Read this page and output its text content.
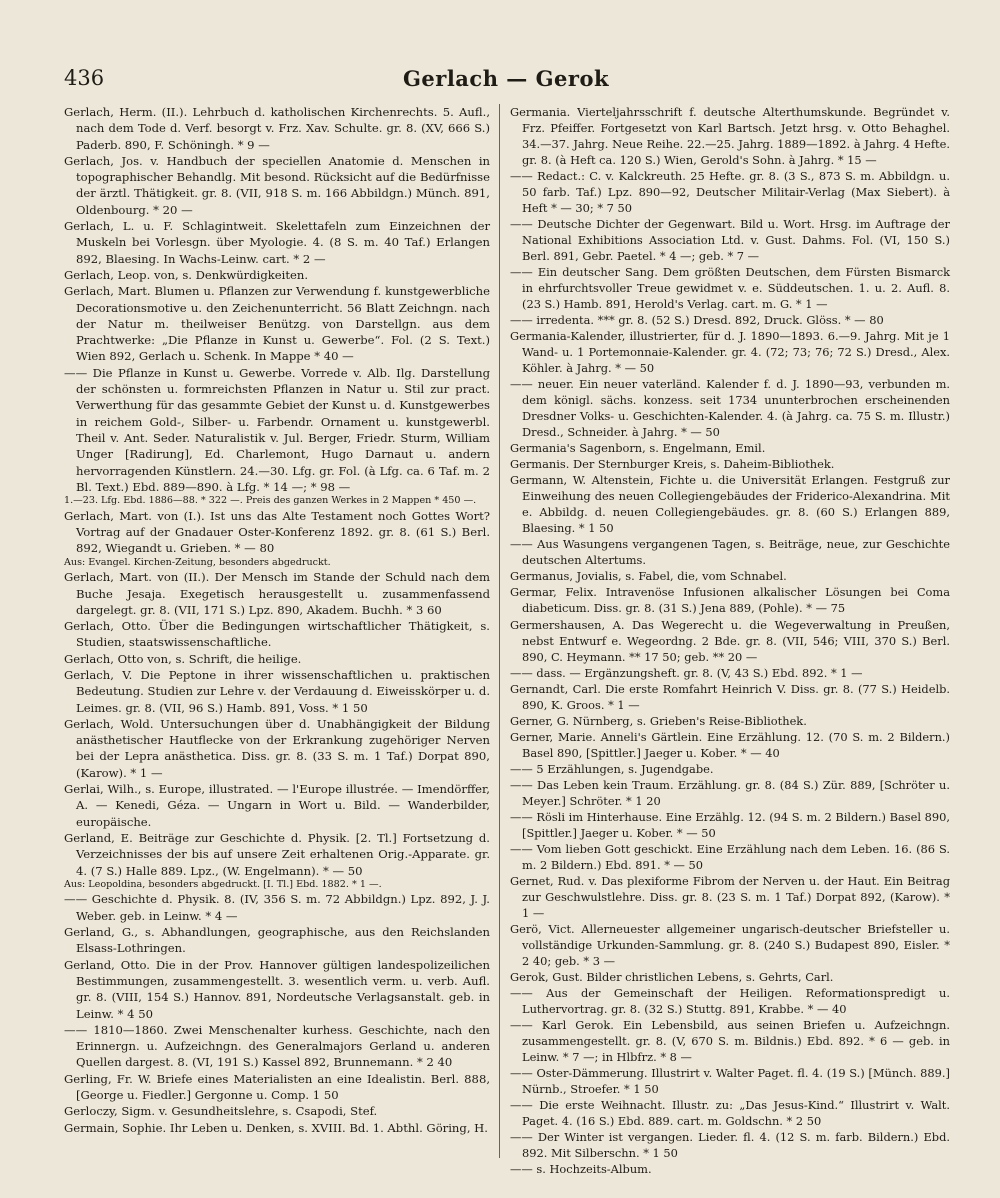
436	Gerlach — Gerok

Gerlach, Herm. (II.). Lehrbuch d. katholischen Kirchenrechts. 5. Aufl., nach dem Tode d. Verf. besorgt v. Frz. Xav. Schulte. gr. 8. (XV, 666 S.) Paderb. 890, F. Schöningh. * 9 —

Gerlach, Jos. v. Handbuch der speciellen Anatomie d. Menschen in topographischer Behandlg. Mit besond. Rücksicht auf die Bedürfnisse der ärztl. Thätigkeit. gr. 8. (VII, 918 S. m. 166 Abbildgn.) Münch. 891, Oldenbourg. * 20 —

Gerlach, L. u. F. Schlagintweit. Skelettafeln zum Einzeichnen der Muskeln bei Vorlesgn. über Myologie. 4. (8 S. m. 40 Taf.) Erlangen 892, Blaesing. In Wachs-Leinw. cart. * 2 —

Gerlach, Leop. von, s. Denkwürdigkeiten.

Gerlach, Mart. Blumen u. Pflanzen zur Verwendung f. kunstgewerbliche Decorationsmotive u. den Zeichenunterricht. 56 Blatt Zeichngn. nach der Natur m. theilweiser Benützg. von Darstellgn. aus dem Prachtwerke: „Die Pflanze in Kunst u. Gewerbe“. Fol. (2 S. Text.) Wien 892, Gerlach u. Schenk. In Mappe * 40 —

—— Die Pflanze in Kunst u. Gewerbe. Vorrede v. Alb. Ilg. Darstellung der schönsten u. formreichsten Pflanzen in Natur u. Stil zur pract. Verwerthung für das gesammte Gebiet der Kunst u. d. Kunstgewerbes in reichem Gold-, Silber- u. Farbendr. Ornament u. kunstgewerbl. Theil v. Ant. Seder. Naturalistik v. Jul. Berger, Friedr. Sturm, William Unger [Radirung], Ed. Charlemont, Hugo Darnaut u. andern hervorragenden Künstlern. 24.—30. Lfg. gr. Fol. (à Lfg. ca. 6 Taf. m. 2 Bl. Text.) Ebd. 889—890. à Lfg. * 14 —; * 98 —

1.—23. Lfg. Ebd. 1886—88. * 322 —. Preis des ganzen Werkes in 2 Mappen * 450 —.

Gerlach, Mart. von (I.). Ist uns das Alte Testament noch Gottes Wort? Vortrag auf der Gnadauer Oster-Konferenz 1892. gr. 8. (61 S.) Berl. 892, Wiegandt u. Grieben. * — 80

Aus: Evangel. Kirchen-Zeitung, besonders abgedruckt.

Gerlach, Mart. von (II.). Der Mensch im Stande der Schuld nach dem Buche Jesaja. Exegetisch herausgestellt u. zusammenfassend dargelegt. gr. 8. (VII, 171 S.) Lpz. 890, Akadem. Buchh. * 3 60

Gerlach, Otto. Über die Bedingungen wirtschaftlicher Thätigkeit, s. Studien, staatswissenschaftliche.

Gerlach, Otto von, s. Schrift, die heilige.

Gerlach, V. Die Peptone in ihrer wissenschaftlichen u. praktischen Bedeutung. Studien zur Lehre v. der Verdauung d. Eiweisskörper u. d. Leimes. gr. 8. (VII, 96 S.) Hamb. 891, Voss. * 1 50

Gerlach, Wold. Untersuchungen über d. Unabhängigkeit der Bildung anästhetischer Hautflecke von der Erkrankung zugehöriger Nerven bei der Lepra anästhetica. Diss. gr. 8. (33 S. m. 1 Taf.) Dorpat 890, (Karow). * 1 —

Gerlai, Wilh., s. Europe, illustrated. — l'Europe illustrée. — Imendörffer, A. — Kenedi, Géza. — Ungarn in Wort u. Bild. — Wanderbilder, europäische.

Gerland, E. Beiträge zur Geschichte d. Physik. [2. Tl.] Fortsetzung d. Verzeichnisses der bis auf unsere Zeit erhaltenen Orig.-Apparate. gr. 4. (7 S.) Halle 889. Lpz., (W. Engelmann). * — 50

Aus: Leopoldina, besonders abgedruckt. [I. Tl.] Ebd. 1882. * 1 —.

—— Geschichte d. Physik. 8. (IV, 356 S. m. 72 Abbildgn.) Lpz. 892, J. J. Weber. geb. in Leinw. * 4 —

Gerland, G., s. Abhandlungen, geographische, aus den Reichslanden Elsass-Lothringen.

Gerland, Otto. Die in der Prov. Hannover gültigen landespolizeilichen Bestimmungen, zusammengestellt. 3. wesentlich verm. u. verb. Aufl. gr. 8. (VIII, 154 S.) Hannov. 891, Nordeutsche Verlagsanstalt. geb. in Leinw. * 4 50

—— 1810—1860. Zwei Menschenalter kurhess. Geschichte, nach den Erinnergn. u. Aufzeichngn. des Generalmajors Gerland u. anderen Quellen dargest. 8. (VI, 191 S.) Kassel 892, Brunnemann. * 2 40

Gerling, Fr. W. Briefe eines Materialisten an eine Idealistin. Berl. 888, [George u. Fiedler.] Gergonne u. Comp. 1 50

Gerloczy, Sigm. v. Gesundheitslehre, s. Csapodi, Stef.

Germain, Sophie. Ihr Leben u. Denken, s. XVIII. Bd. 1. Abthl. Göring, H.

Germania. Vierteljahrsschrift f. deutsche Alterthumskunde. Begründet v. Frz. Pfeiffer. Fortgesetzt von Karl Bartsch. Jetzt hrsg. v. Otto Behaghel. 34.—37. Jahrg. Neue Reihe. 22.—25. Jahrg. 1889—1892. à Jahrg. 4 Hefte. gr. 8. (à Heft ca. 120 S.) Wien, Gerold's Sohn. à Jahrg. * 15 —

—— Redact.: C. v. Kalckreuth. 25 Hefte. gr. 8. (3 S., 873 S. m. Abbildgn. u. 50 farb. Taf.) Lpz. 890—92, Deutscher Militair-Verlag (Max Siebert). à Heft * — 30; * 7 50

—— Deutsche Dichter der Gegenwart. Bild u. Wort. Hrsg. im Auftrage der National Exhibitions Association Ltd. v. Gust. Dahms. Fol. (VI, 150 S.) Berl. 891, Gebr. Paetel. * 4 —; geb. * 7 —

—— Ein deutscher Sang. Dem größten Deutschen, dem Fürsten Bismarck in ehrfurchtsvoller Treue gewidmet v. e. Süddeutschen. 1. u. 2. Aufl. 8. (23 S.) Hamb. 891, Herold's Verlag. cart. m. G. * 1 —

—— irredenta. *** gr. 8. (52 S.) Dresd. 892, Druck. Glöss. * — 80

Germania-Kalender, illustrierter, für d. J. 1890—1893. 6.—9. Jahrg. Mit je 1 Wand- u. 1 Portemonnaie-Kalender. gr. 4. (72; 73; 76; 72 S.) Dresd., Alex. Köhler. à Jahrg. * — 50

—— neuer. Ein neuer vaterländ. Kalender f. d. J. 1890—93, verbunden m. dem königl. sächs. konzess. seit 1734 ununterbrochen erscheinenden Dresdner Volks- u. Geschichten-Kalender. 4. (à Jahrg. ca. 75 S. m. Illustr.) Dresd., Schneider. à Jahrg. * — 50

Germania's Sagenborn, s. Engelmann, Emil.

Germanis. Der Sternburger Kreis, s. Daheim-Bibliothek.

Germann, W. Altenstein, Fichte u. die Universität Erlangen. Festgruß zur Einweihung des neuen Collegiengebäudes der Friderico-Alexandrina. Mit e. Abbildg. d. neuen Collegiengebäudes. gr. 8. (60 S.) Erlangen 889, Blaesing. * 1 50

—— Aus Wasungens vergangenen Tagen, s. Beiträge, neue, zur Geschichte deutschen Altertums.

Germanus, Jovialis, s. Fabel, die, vom Schnabel.

Germar, Felix. Intravenöse Infusionen alkalischer Lösungen bei Coma diabeticum. Diss. gr. 8. (31 S.) Jena 889, (Pohle). * — 75

Germershausen, A. Das Wegerecht u. die Wegeverwaltung in Preußen, nebst Entwurf e. Wegeordng. 2 Bde. gr. 8. (VII, 546; VIII, 370 S.) Berl. 890, C. Heymann. ** 17 50; geb. ** 20 —

—— dass. — Ergänzungsheft. gr. 8. (V, 43 S.) Ebd. 892. * 1 —

Gernandt, Carl. Die erste Romfahrt Heinrich V. Diss. gr. 8. (77 S.) Heidelb. 890, K. Groos. * 1 —

Gerner, G. Nürnberg, s. Grieben's Reise-Bibliothek.

Gerner, Marie. Anneli's Gärtlein. Eine Erzählung. 12. (70 S. m. 2 Bildern.) Basel 890, [Spittler.] Jaeger u. Kober. * — 40

—— 5 Erzählungen, s. Jugendgabe.

—— Das Leben kein Traum. Erzählung. gr. 8. (84 S.) Zür. 889, [Schröter u. Meyer.] Schröter. * 1 20

—— Rösli im Hinterhause. Eine Erzählg. 12. (94 S. m. 2 Bildern.) Basel 890, [Spittler.] Jaeger u. Kober. * — 50

—— Vom lieben Gott geschickt. Eine Erzählung nach dem Leben. 16. (86 S. m. 2 Bildern.) Ebd. 891. * — 50

Gernet, Rud. v. Das plexiforme Fibrom der Nerven u. der Haut. Ein Beitrag zur Geschwulstlehre. Diss. gr. 8. (23 S. m. 1 Taf.) Dorpat 892, (Karow). * 1 —

Gerö, Vict. Allerneuester allgemeiner ungarisch-deutscher Briefsteller u. vollständige Urkunden-Sammlung. gr. 8. (240 S.) Budapest 890, Eisler. * 2 40; geb. * 3 —

Gerok, Gust. Bilder christlichen Lebens, s. Gehrts, Carl.

—— Aus der Gemeinschaft der Heiligen. Reformationspredigt u. Luthervortrag. gr. 8. (32 S.) Stuttg. 891, Krabbe. * — 40

—— Karl Gerok. Ein Lebensbild, aus seinen Briefen u. Aufzeichngn. zusammengestellt. gr. 8. (V, 670 S. m. Bildnis.) Ebd. 892. * 6 — geb. in Leinw. * 7 —; in Hlbfrz. * 8 —

—— Oster-Dämmerung. Illustrirt v. Walter Paget. fl. 4. (19 S.) [Münch. 889.] Nürnb., Stroefer. * 1 50

—— Die erste Weihnacht. Illustr. zu: „Das Jesus-Kind.“ Illustrirt v. Walt. Paget. 4. (16 S.) Ebd. 889. cart. m. Goldschn. * 2 50

—— Der Winter ist vergangen. Lieder. fl. 4. (12 S. m. farb. Bildern.) Ebd. 892. Mit Silberschn. * 1 50

—— s. Hochzeits-Album.
